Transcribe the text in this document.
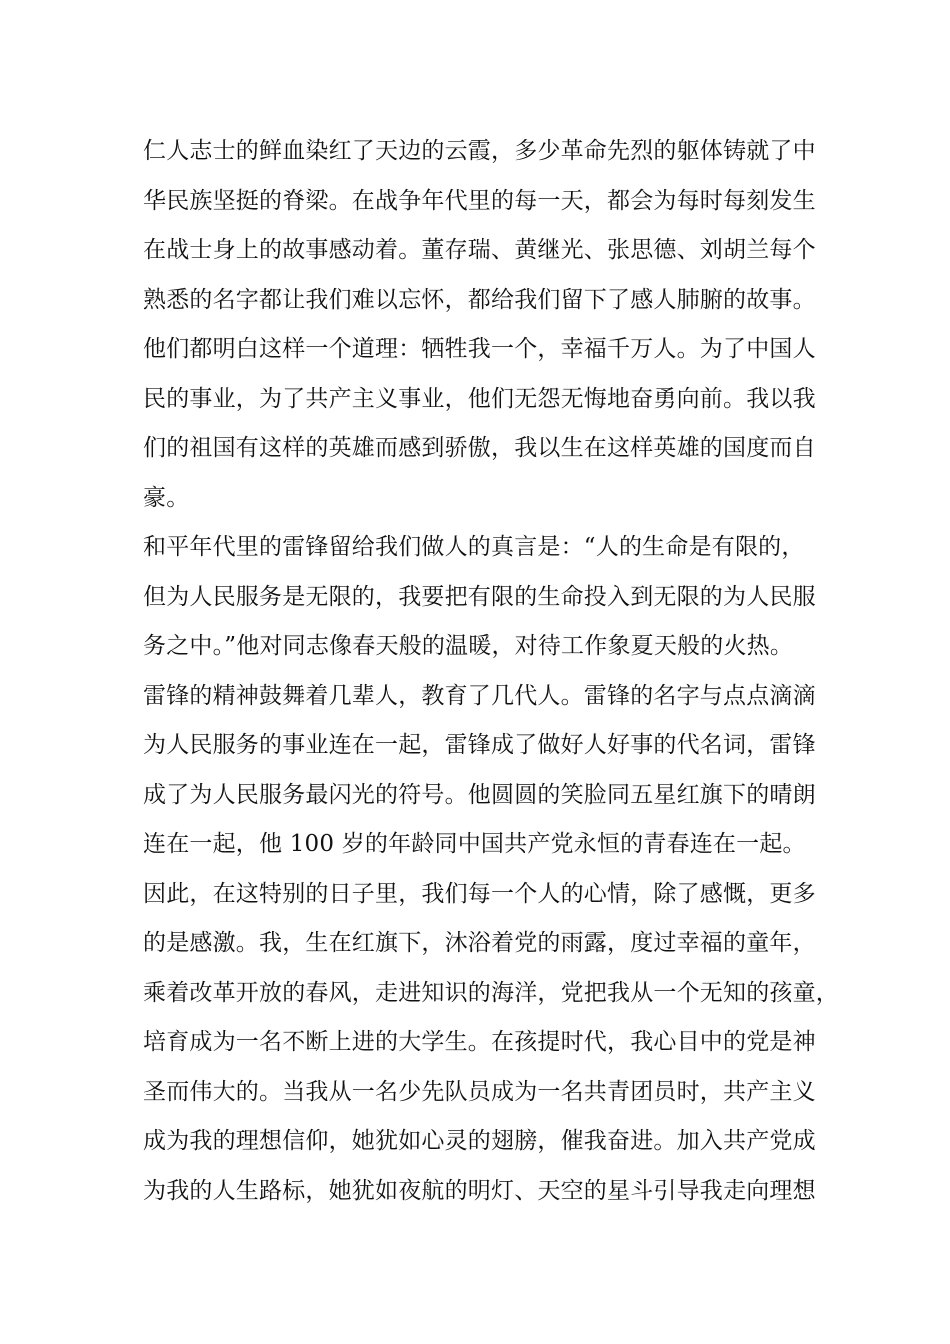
仁人志士的鲜血染红了天边的云霞，多少革命先烈的躯体铸就了中
华民族坚挺的脊梁。在战争年代里的每一天，都会为每时每刻发生
在战士身上的故事感动着。董存瑞、黄继光、张思德、刘胡兰每个
熟悉的名字都让我们难以忘怀，都给我们留下了感人肺腑的故事。
他们都明白这样一个道理：牺牲我一个，幸福千万人。为了中国人
民的事业，为了共产主义事业，他们无怨无悔地奋勇向前。我以我
们的祖国有这样的英雄而感到骄傲，我以生在这样英雄的国度而自
豪。
和平年代里的雷锋留给我们做人的真言是：“人的生命是有限的，
但为人民服务是无限的，我要把有限的生命投入到无限的为人民服
务之中。”他对同志像春天般的温暖，对待工作象夏天般的火热。
雷锋的精神鼓舞着几辈人，教育了几代人。雷锋的名字与点点滴滴
为人民服务的事业连在一起，雷锋成了做好人好事的代名词，雷锋
成了为人民服务最闪光的符号。他圆圆的笑脸同五星红旗下的晴朗
连在一起，他 100 岁的年龄同中国共产党永恒的青春连在一起。
因此，在这特别的日子里，我们每一个人的心情，除了感慨，更多
的是感激。我，生在红旗下，沐浴着党的雨露，度过幸福的童年，
乘着改革开放的春风，走进知识的海洋，党把我从一个无知的孩童，
培育成为一名不断上进的大学生。在孩提时代，我心目中的党是神
圣而伟大的。当我从一名少先队员成为一名共青团员时，共产主义
成为我的理想信仰，她犹如心灵的翅膀，催我奋进。加入共产党成
为我的人生路标，她犹如夜航的明灯、天空的星斗引导我走向理想
